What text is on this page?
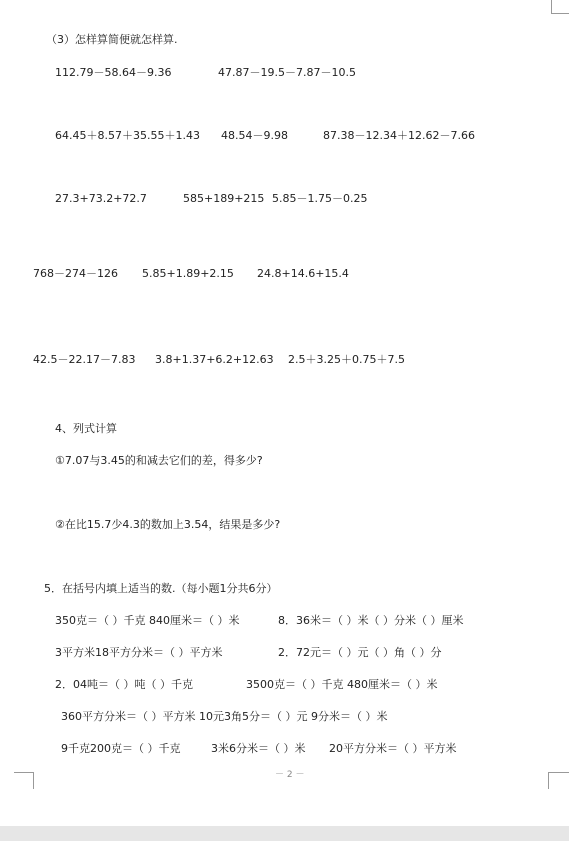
（3）怎样算简便就怎样算.
112.79－58.64－9.36	47.87－19.5－7.87－10.5
64.45＋8.57＋35.55＋1.43 48.54－9.98	87.38－12.34＋12.62－7.66
27.3+73.2+72.7	585+189+215 5.85－1.75－0.25
768－274－126 5.85+1.89+2.15 24.8+14.6+15.4
42.5－22.17－7.83 3.8+1.37+6.2+12.63 2.5＋3.25＋0.75＋7.5
4、列式计算
①7.07与3.45的和减去它们的差，得多少?
②在比15.7少4.3的数加上3.54，结果是多少?
5．在括号内填上适当的数.（每小题1分共6分）
350克＝（ ）千克 840厘米＝（ ）米	8．36米＝（ ）米（ ）分米（ ）厘米
3平方米18平方分米＝（ ）平方米	2．72元＝（ ）元（ ）角（ ）分
2．04吨＝（ ）吨（ ）千克	3500克＝（ ）千克 480厘米＝（ ）米
360平方分米＝（ ）平方米 10元3角5分＝（ ）元 9分米＝（ ）米
9千克200克＝（ ）千克	3米6分米＝（ ）米 20平方分米＝（ ）平方米
－ 2 －
